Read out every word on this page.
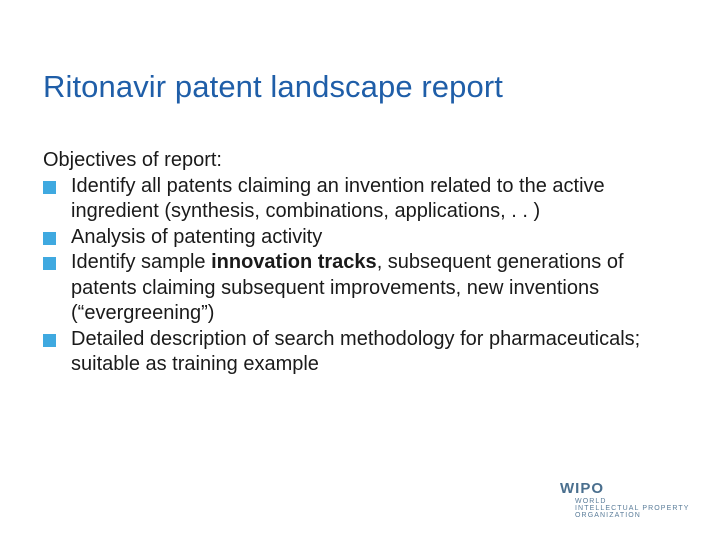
Ritonavir patent landscape report

Objectives of report:

Identify all patents claiming an invention related to the active ingredient (synthesis, combinations, applications, . . )
Analysis of patenting activity
Identify sample innovation tracks, subsequent generations of patents claiming subsequent improvements, new inventions (“evergreening”)
Detailed description of search methodology for pharmaceuticals; suitable as training example
WIPO
WORLD
INTELLECTUAL PROPERTY
ORGANIZATION
